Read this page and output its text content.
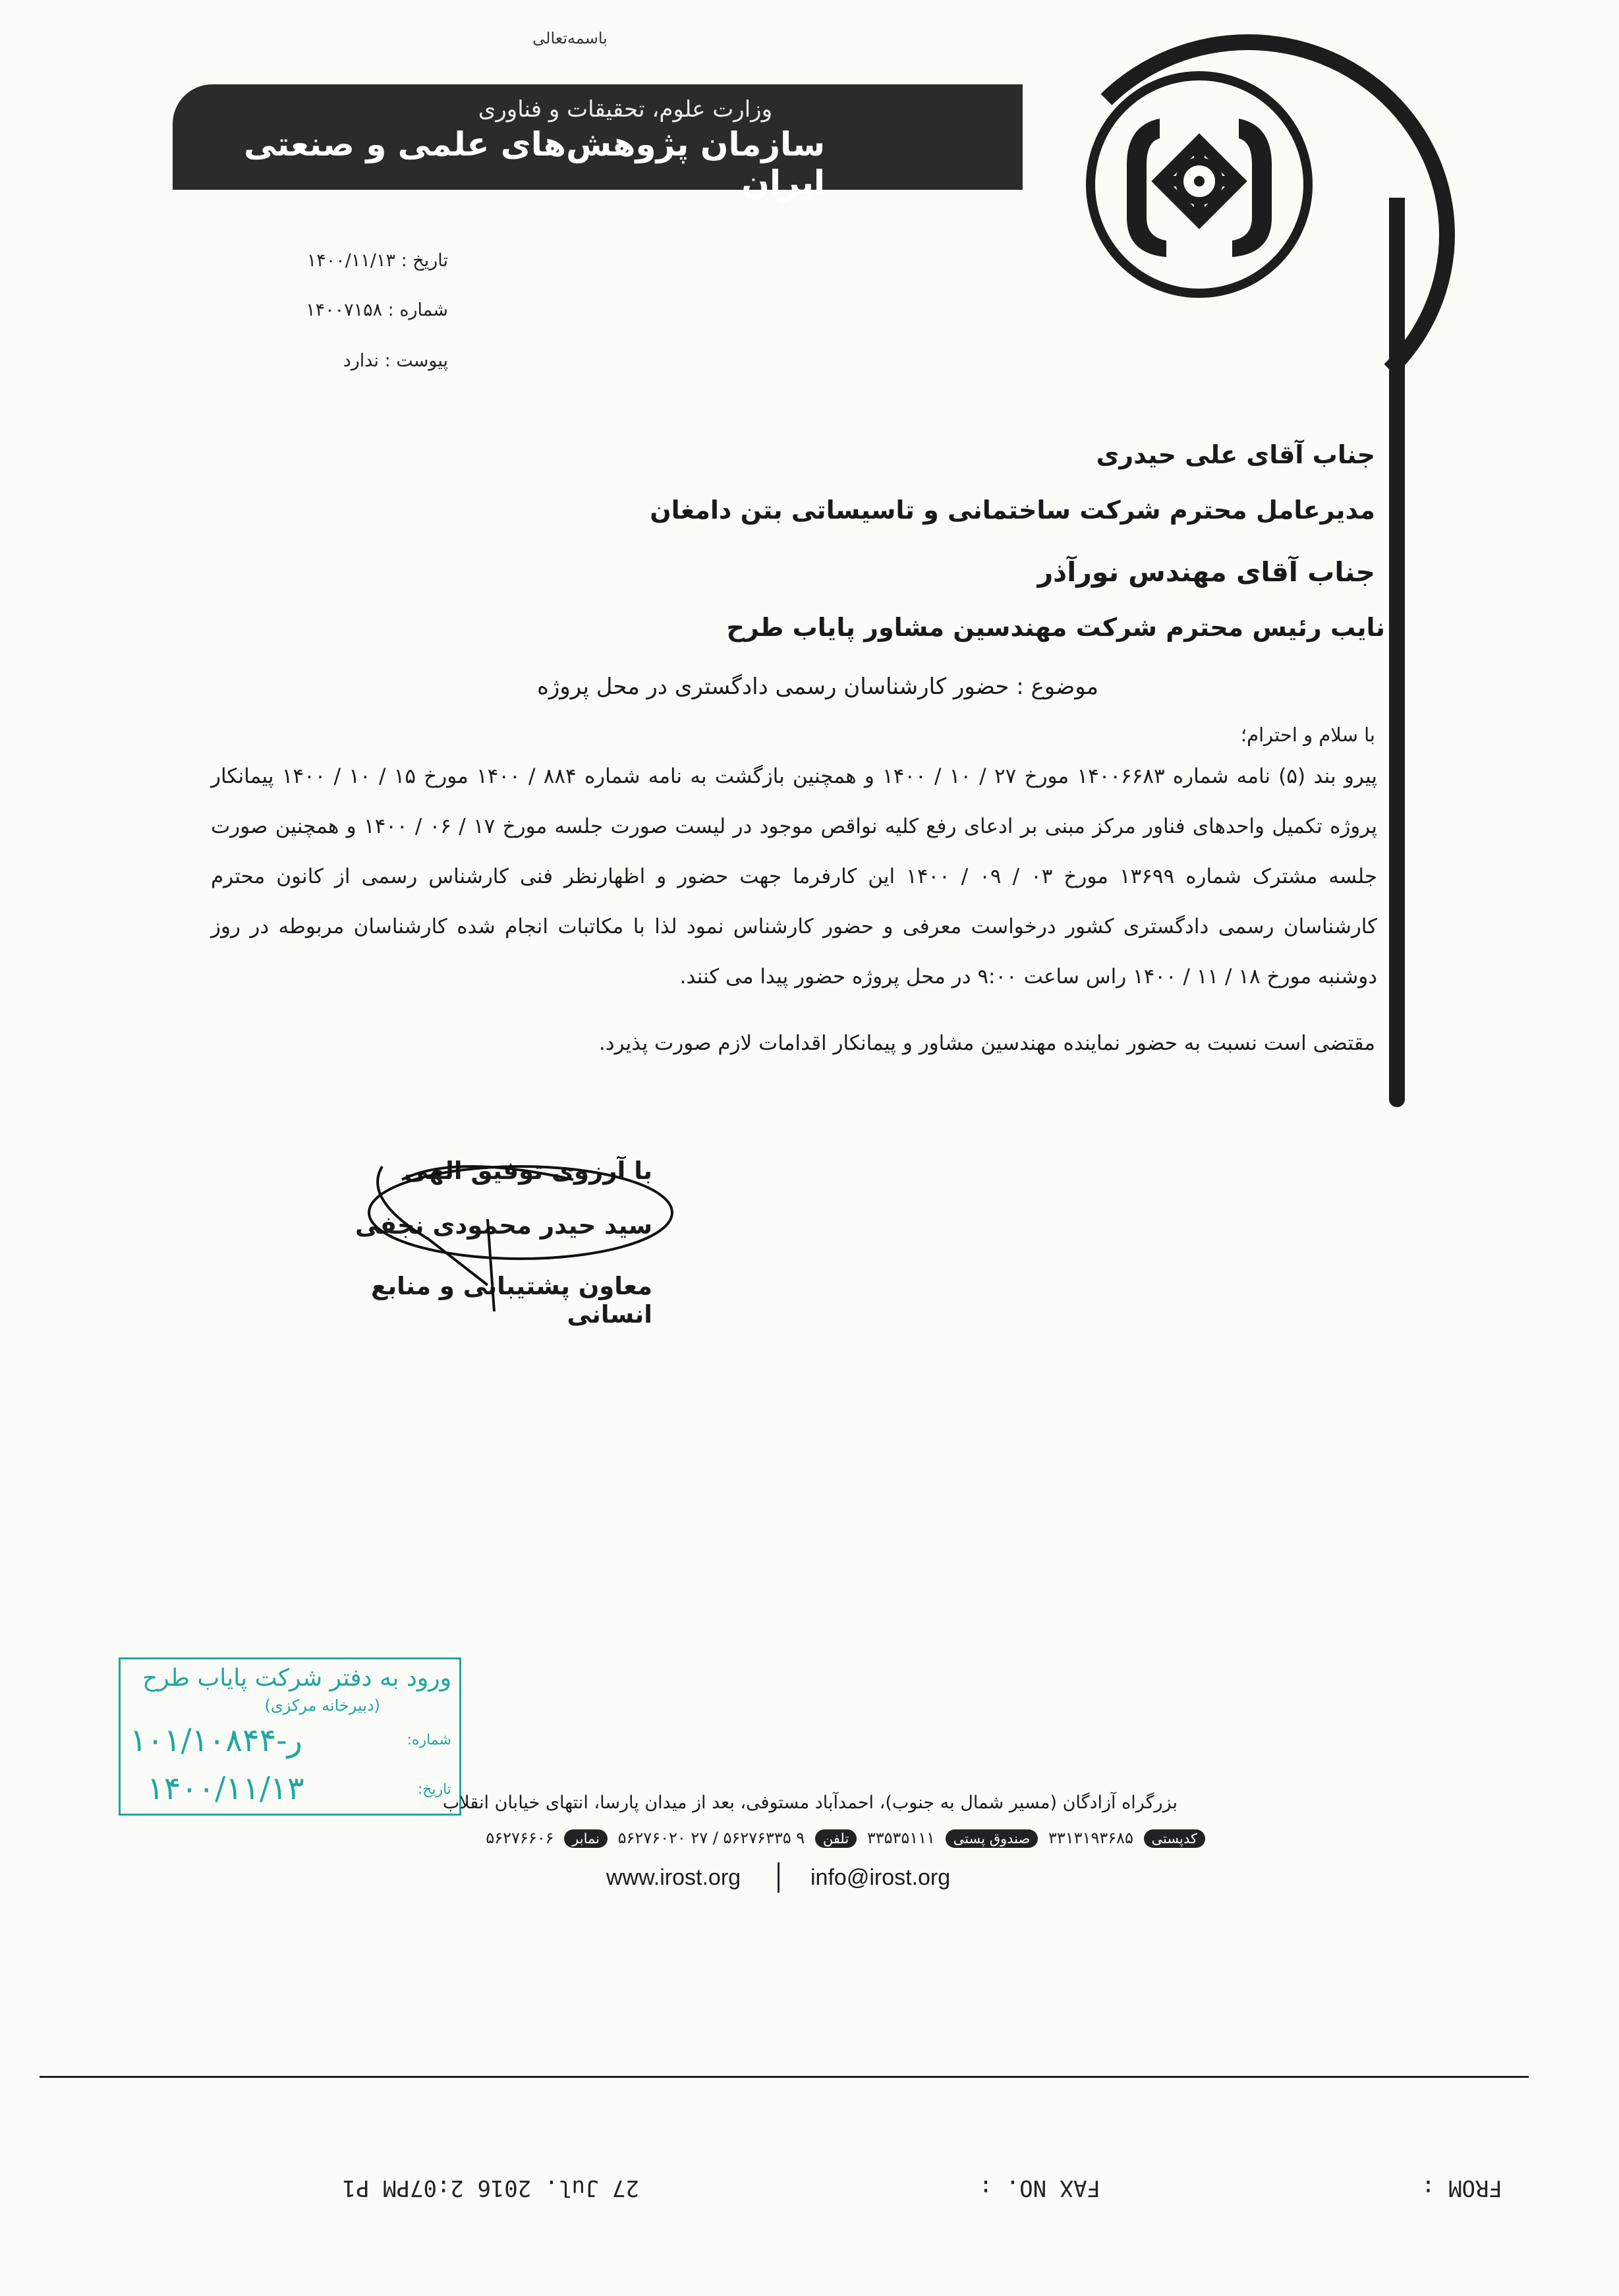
باسمه‌تعالی
وزارت علوم، تحقیقات و فناوری
سازمان پژوهش‌های علمی و صنعتی ایران
تاریخ : ۱۴۰۰/۱۱/۱۳
شماره : ۱۴۰۰۷۱۵۸
پیوست : ندارد
جناب آقای علی حیدری
مدیرعامل محترم شرکت ساختمانی و تاسیساتی بتن دامغان
جناب آقای مهندس نورآذر
نایب رئیس محترم شرکت مهندسین مشاور پایاب طرح
موضوع : حضور کارشناسان رسمی دادگستری در محل پروژه
با سلام و احترام؛
پیرو بند (۵) نامه شماره ۱۴۰۰۶۶۸۳ مورخ ۲۷ / ۱۰ / ۱۴۰۰ و همچنین بازگشت به نامه شماره ۸۸۴ / ۱۴۰۰ مورخ ۱۵ / ۱۰ / ۱۴۰۰ پیمانکار پروژه تکمیل واحدهای فناور مرکز مبنی بر ادعای رفع کلیه نواقص موجود در لیست صورت جلسه مورخ ۱۷ / ۰۶ / ۱۴۰۰ و همچنین صورت جلسه مشترک شماره ۱۳۶۹۹ مورخ ۰۳ / ۰۹ / ۱۴۰۰ این کارفرما جهت حضور و اظهارنظر فنی کارشناس رسمی از کانون محترم کارشناسان رسمی دادگستری کشور درخواست معرفی و حضور کارشناس نمود لذا با مکاتبات انجام شده کارشناسان مربوطه در روز دوشنبه مورخ ۱۸ / ۱۱ / ۱۴۰۰ راس ساعت ۹:۰۰ در محل پروژه حضور پیدا می کنند.
مقتضی است نسبت به حضور نماینده مهندسین مشاور و پیمانکار اقدامات لازم صورت پذیرد.
با آرزوی توفیق الهی
سید حیدر محمودی نجفی
معاون پشتیبانی و منابع انسانی
ورود به دفتر شرکت پایاب طرح
(دبیرخانه مرکزی)
شماره:
تاریخ:
۱۰۱/ر-۱۰۸۴۴
۱۴۰۰/۱۱/۱۳	بزرگراه آزادگان (مسیر شمال به جنوب)، احمدآباد مستوفی، بعد از میدان پارسا، انتهای خیابان انقلاب
کدپستی ۳۳۱۳۱۹۳۶۸۵ صندوق پستی ۳۳۵۳۵۱۱۱ تلفن ۹ ۵۶۲۷۶۳۳۵ / ۲۷ ۵۶۲۷۶۰۲۰ نمابر ۵۶۲۷۶۶۰۶
www.irost.org	info@irost.org
FROM :
FAX NO. :
27 Jul. 2016 2:07PM P1
